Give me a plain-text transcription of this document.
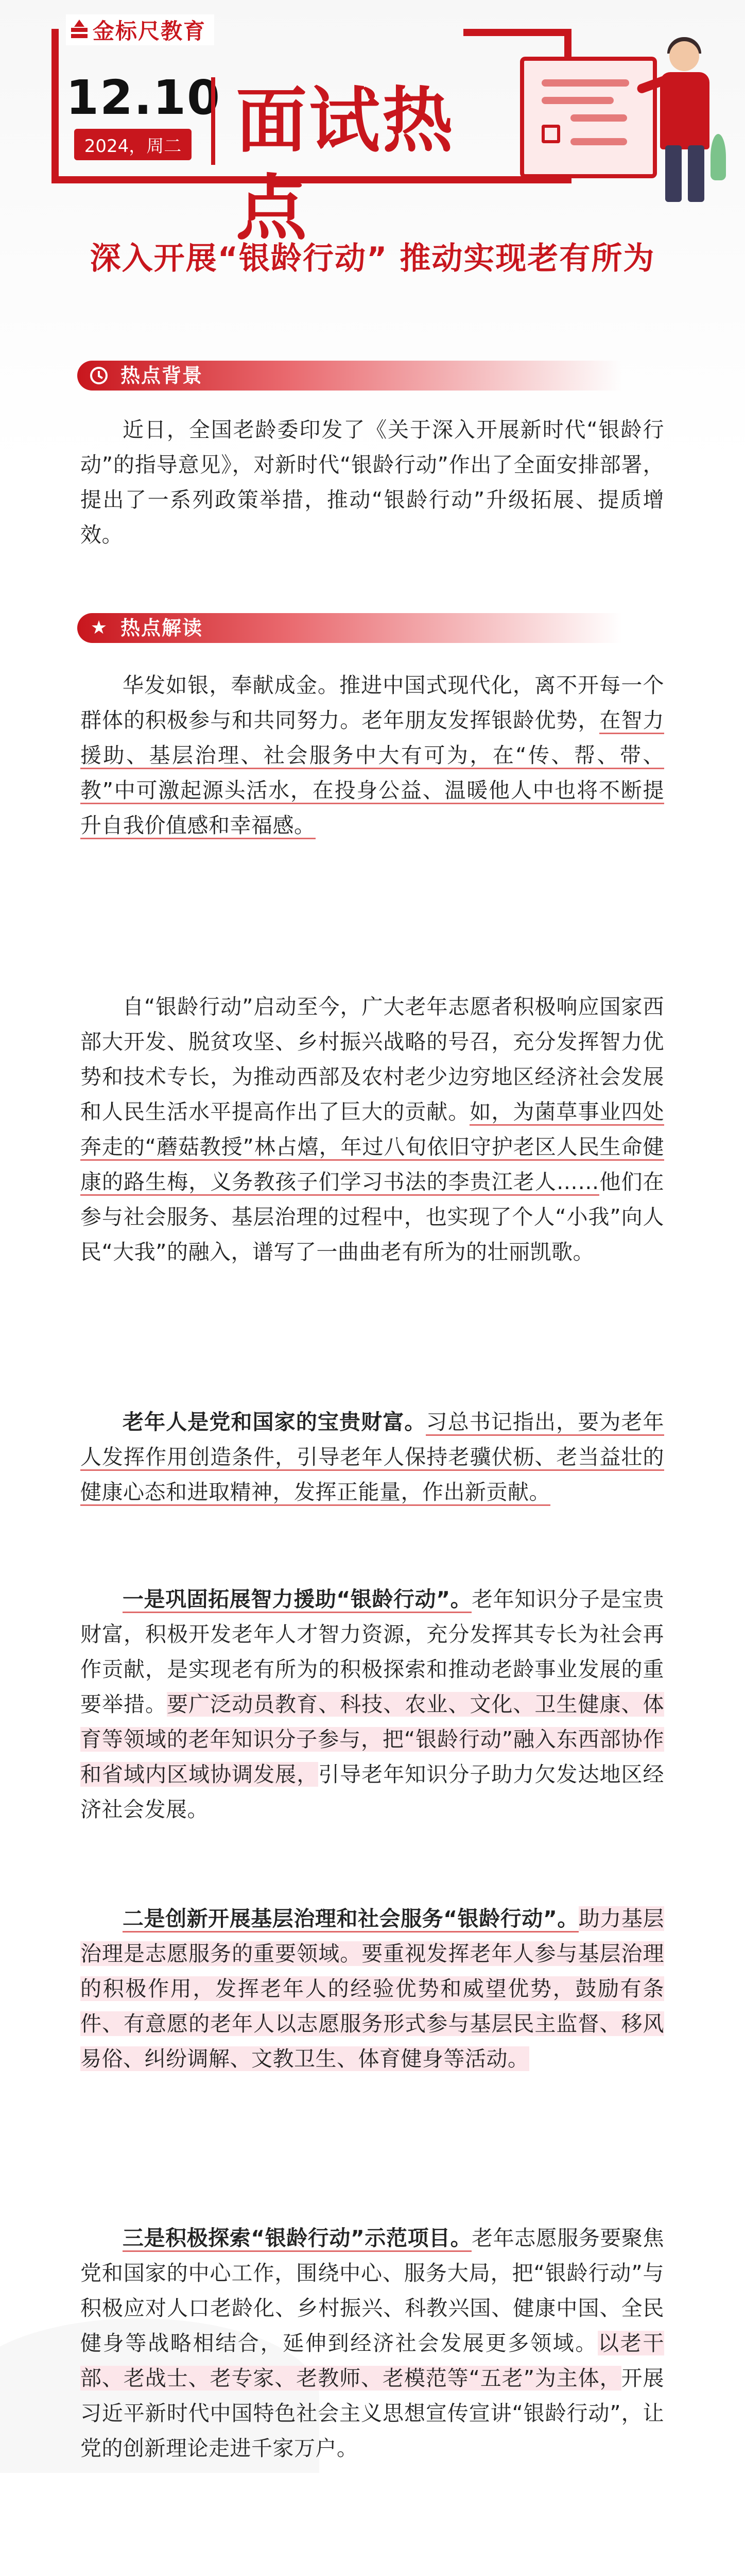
金标尺教育
12.10
2024，周二 面试热点
深入开展“银龄行动” 推动实现老有所为
热点背景

近日，全国老龄委印发了《关于深入开展新时代“银龄行动”的指导意见》，对新时代“银龄行动”作出了全面安排部署，提出了一系列政策举措，推动“银龄行动”升级拓展、提质增效。

★ 热点解读

华发如银，奉献成金。推进中国式现代化，离不开每一个群体的积极参与和共同努力。老年朋友发挥银龄优势，在智力援助、基层治理、社会服务中大有可为，在“传、帮、带、教”中可激起源头活水，在投身公益、温暖他人中也将不断提升自我价值感和幸福感。

自“银龄行动”启动至今，广大老年志愿者积极响应国家西部大开发、脱贫攻坚、乡村振兴战略的号召，充分发挥智力优势和技术专长，为推动西部及农村老少边穷地区经济社会发展和人民生活水平提高作出了巨大的贡献。如，为菌草事业四处奔走的“蘑菇教授”林占熺，年过八旬依旧守护老区人民生命健康的路生梅，义务教孩子们学习书法的李贵江老人……他们在参与社会服务、基层治理的过程中，也实现了个人“小我”向人民“大我”的融入，谱写了一曲曲老有所为的壮丽凯歌。

老年人是党和国家的宝贵财富。习总书记指出，要为老年人发挥作用创造条件，引导老年人保持老骥伏枥、老当益壮的健康心态和进取精神，发挥正能量，作出新贡献。

一是巩固拓展智力援助“银龄行动”。老年知识分子是宝贵财富，积极开发老年人才智力资源，充分发挥其专长为社会再作贡献，是实现老有所为的积极探索和推动老龄事业发展的重要举措。要广泛动员教育、科技、农业、文化、卫生健康、体育等领域的老年知识分子参与，把“银龄行动”融入东西部协作和省域内区域协调发展，引导老年知识分子助力欠发达地区经济社会发展。

二是创新开展基层治理和社会服务“银龄行动”。助力基层治理是志愿服务的重要领域。要重视发挥老年人参与基层治理的积极作用，发挥老年人的经验优势和威望优势，鼓励有条件、有意愿的老年人以志愿服务形式参与基层民主监督、移风易俗、纠纷调解、文教卫生、体育健身等活动。

三是积极探索“银龄行动”示范项目。老年志愿服务要聚焦党和国家的中心工作，围绕中心、服务大局，把“银龄行动”与积极应对人口老龄化、乡村振兴、科教兴国、健康中国、全民健身等战略相结合，延伸到经济社会发展更多领域。以老干部、老战士、老专家、老教师、老模范等“五老”为主体，开展习近平新时代中国特色社会主义思想宣传宣讲“银龄行动”，让党的创新理论走进千家万户。
